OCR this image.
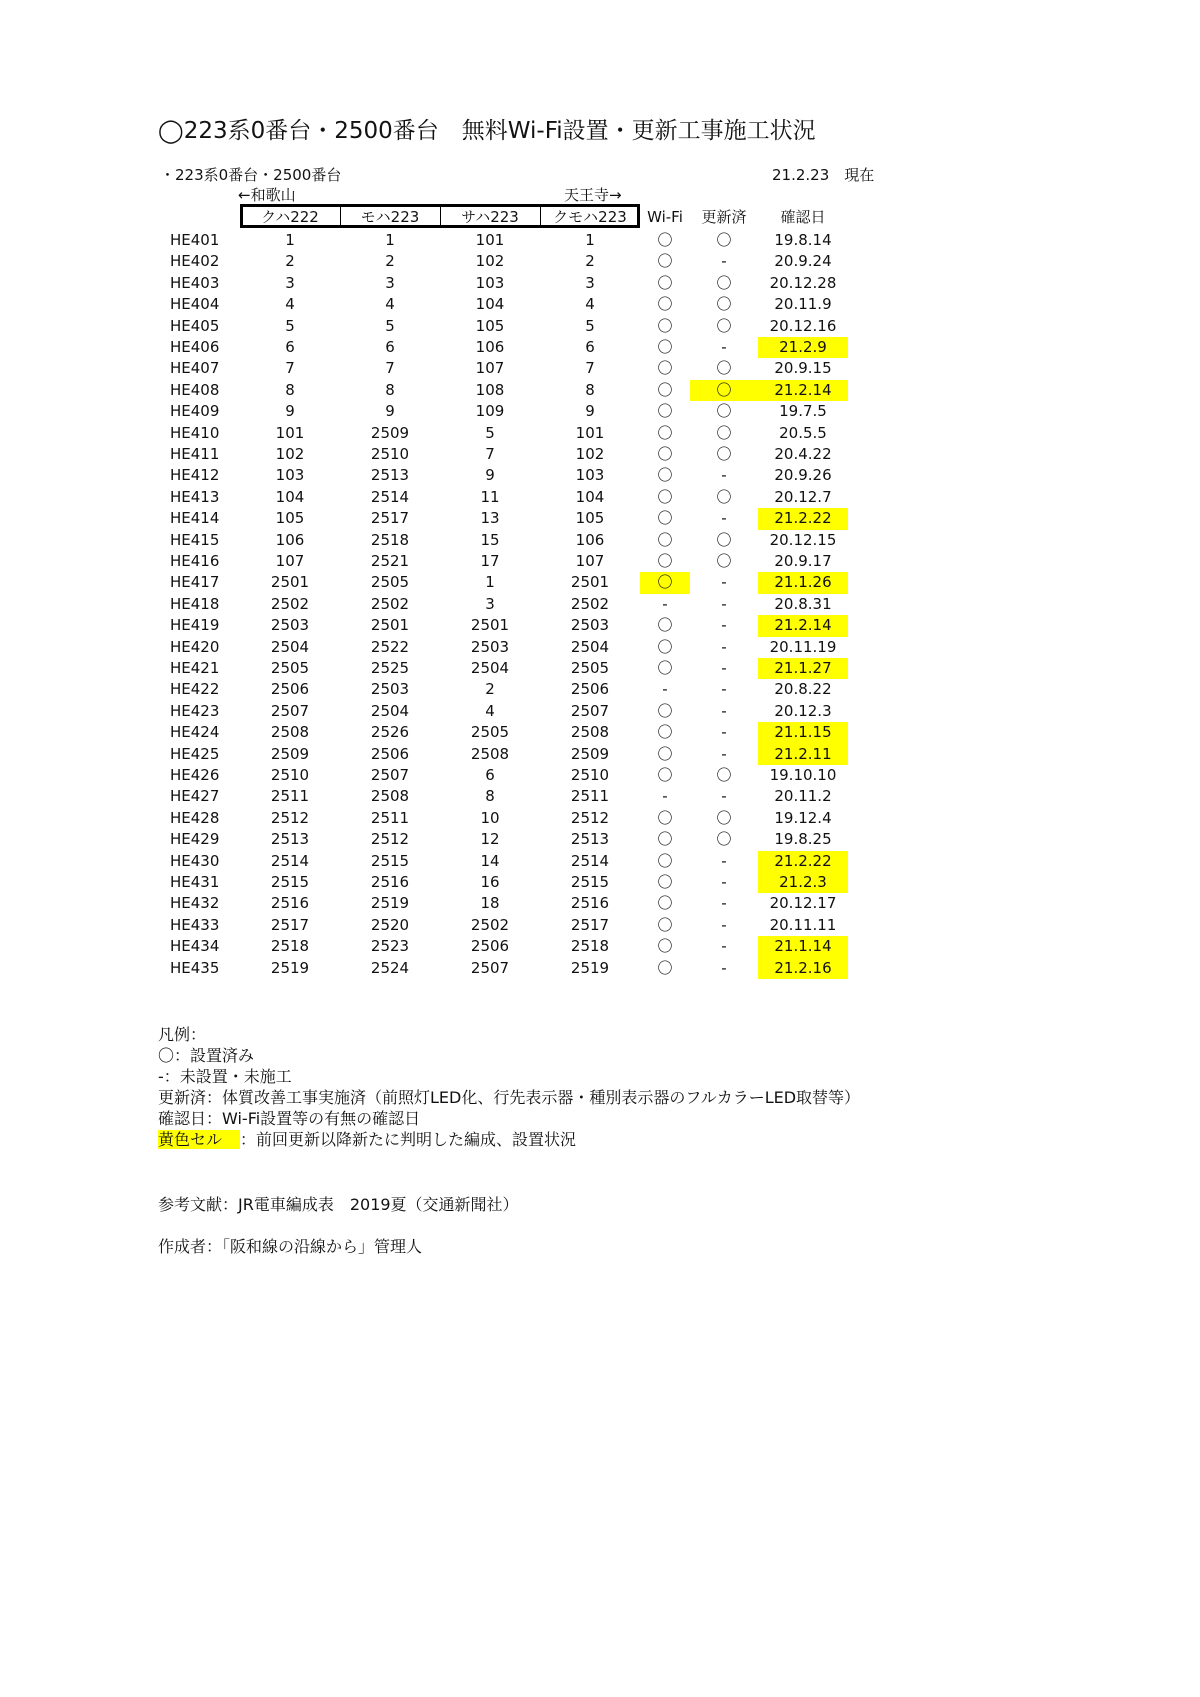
◯223系0番台・2500番台　無料Wi-Fi設置・更新工事施工状況
・223系0番台・2500番台	21.2.23　現在
←和歌山	天王寺→
クハ222	モハ223	サハ223	クモハ223	Wi-Fi	更新済	確認日
HE401	1	1	101	1	〇	〇	19.8.14
HE402	2	2	102	2	〇	-	20.9.24
HE403	3	3	103	3	〇	〇	20.12.28
HE404	4	4	104	4	〇	〇	20.11.9
HE405	5	5	105	5	〇	〇	20.12.16
HE406	6	6	106	6	〇	-	21.2.9
HE407	7	7	107	7	〇	〇	20.9.15
HE408	8	8	108	8	〇	〇	21.2.14
HE409	9	9	109	9	〇	〇	19.7.5
HE410	101	2509	5	101	〇	〇	20.5.5
HE411	102	2510	7	102	〇	〇	20.4.22
HE412	103	2513	9	103	〇	-	20.9.26
HE413	104	2514	11	104	〇	〇	20.12.7
HE414	105	2517	13	105	〇	-	21.2.22
HE415	106	2518	15	106	〇	〇	20.12.15
HE416	107	2521	17	107	〇	〇	20.9.17
HE417	2501	2505	1	2501	〇	-	21.1.26
HE418	2502	2502	3	2502	-	-	20.8.31
HE419	2503	2501	2501	2503	〇	-	21.2.14
HE420	2504	2522	2503	2504	〇	-	20.11.19
HE421	2505	2525	2504	2505	〇	-	21.1.27
HE422	2506	2503	2	2506	-	-	20.8.22
HE423	2507	2504	4	2507	〇	-	20.12.3
HE424	2508	2526	2505	2508	〇	-	21.1.15
HE425	2509	2506	2508	2509	〇	-	21.2.11
HE426	2510	2507	6	2510	〇	〇	19.10.10
HE427	2511	2508	8	2511	-	-	20.11.2
HE428	2512	2511	10	2512	〇	〇	19.12.4
HE429	2513	2512	12	2513	〇	〇	19.8.25
HE430	2514	2515	14	2514	〇	-	21.2.22
HE431	2515	2516	16	2515	〇	-	21.2.3
HE432	2516	2519	18	2516	〇	-	20.12.17
HE433	2517	2520	2502	2517	〇	-	20.11.11
HE434	2518	2523	2506	2518	〇	-	21.1.14
HE435	2519	2524	2507	2519	〇	-	21.2.16
凡例：
〇：設置済み
-：未設置・未施工
更新済：体質改善工事実施済（前照灯LED化、行先表示器・種別表示器のフルカラーLED取替等）
確認日：Wi-Fi設置等の有無の確認日
黄色セル ：前回更新以降新たに判明した編成、設置状況
参考文献：JR電車編成表　2019夏（交通新聞社）
作成者：「阪和線の沿線から」管理人
